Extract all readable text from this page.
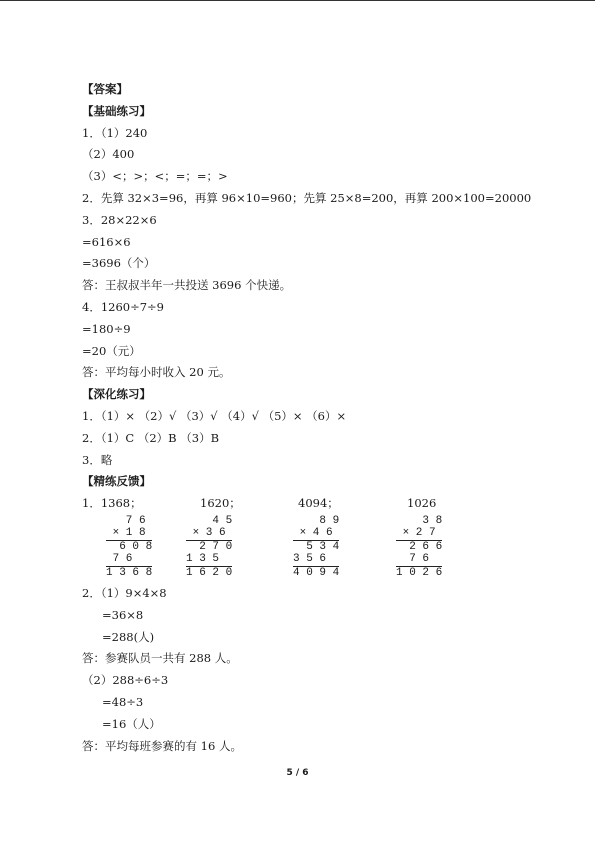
【答案】
【基础练习】
1．（1）240
（2）400
（3）<；>；<；=；=；>
2．先算 32×3=96，再算 96×10=960；先算 25×8=200，再算 200×100=20000
3．28×22×6
=616×6
=3696（个）
答：王叔叔半年一共投送 3696 个快递。
4．1260÷7÷9
=180÷9
=20（元）
答：平均每小时收入 20 元。
【深化练习】
1．（1）× （2）√ （3）√ （4）√ （5）× （6）×
2．（1）C （2）B （3）B
3．略
【精练反馈】
1．1368；	1620；	4094；	1026
7 6
× 1 8
6 0 8
7 6
1 3 6 8
4 5
× 3 6
2 7 0
1 3 5
1 6 2 0
8 9
× 4 6
5 3 4
3 5 6
4 0 9 4
3 8
× 2 7
2 6 6
7 6
1 0 2 6
2．（1）9×4×8
=36×8
=288(人)
答：参赛队员一共有 288 人。
（2）288÷6÷3
=48÷3
=16（人）
答：平均每班参赛的有 16 人。
5 / 6
